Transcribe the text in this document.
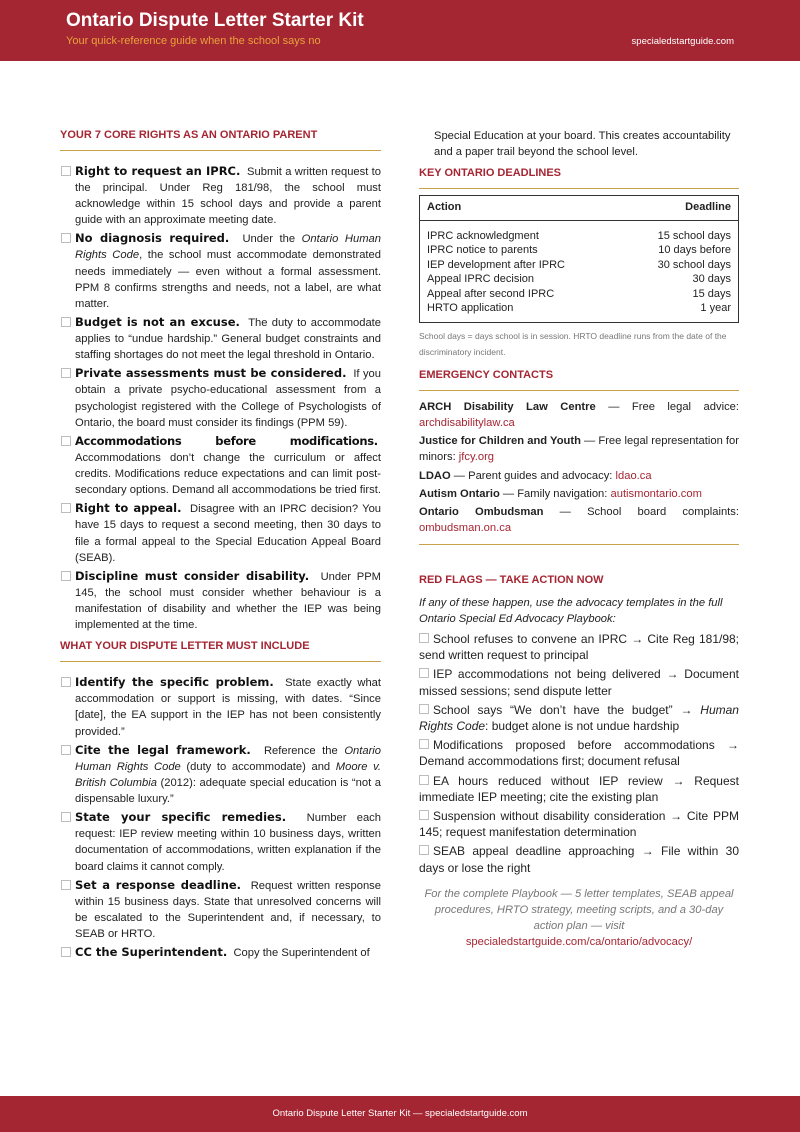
Ontario Dispute Letter Starter Kit
Your quick-reference guide when the school says no	specialedstartguide.com
YOUR 7 CORE RIGHTS AS AN ONTARIO PARENT
Right to request an IPRC. Submit a written request to the principal. Under Reg 181/98, the school must acknowledge within 15 school days and provide a parent guide with an approximate meeting date.
No diagnosis required. Under the Ontario Human Rights Code, the school must accommodate demonstrated needs immediately — even without a formal assessment. PPM 8 confirms strengths and needs, not a label, are what matter.
Budget is not an excuse. The duty to accommodate applies to “undue hardship.” General budget constraints and staffing shortages do not meet the legal threshold in Ontario.
Private assessments must be considered. If you obtain a private psycho-educational assessment from a psychologist registered with the College of Psychologists of Ontario, the board must consider its findings (PPM 59).
Accommodations before modifications.  Accommodations don’t change the curriculum or affect credits. Modifications reduce expectations and can limit post-secondary options. Demand all accommodations be tried first.
Right to appeal. Disagree with an IPRC decision? You have 15 days to request a second meeting, then 30 days to file a formal appeal to the Special Education Appeal Board (SEAB).
Discipline must consider disability. Under PPM 145, the school must consider whether behaviour is a manifestation of disability and whether the IEP was being implemented at the time.
WHAT YOUR DISPUTE LETTER MUST INCLUDE
Identify the specific problem. State exactly what accommodation or support is missing, with dates. “Since [date], the EA support in the IEP has not been consistently provided.”
Cite the legal framework. Reference the Ontario Human Rights Code (duty to accommodate) and Moore v. British Columbia (2012): adequate special education is “not a dispensable luxury.”
State your specific remedies. Number each request: IEP review meeting within 10 business days, written documentation of accommodations, written explanation if the board claims it cannot comply.
Set a response deadline. Request written response within 15 business days. State that unresolved concerns will be escalated to the Superintendent and, if necessary, to SEAB or HRTO.
CC the Superintendent. Copy the Superintendent of
Special Education at your board. This creates accountability and a paper trail beyond the school level.
KEY ONTARIO DEADLINES
Action	Deadline
IPRC acknowledgment	15 school days
IPRC notice to parents	10 days before
IEP development after IPRC	30 school days
Appeal IPRC decision	30 days
Appeal after second IPRC	15 days
HRTO application	1 year
School days = days school is in session. HRTO deadline runs from the date of the discriminatory incident.
EMERGENCY CONTACTS

ARCH Disability Law Centre — Free legal advice: archdisabilitylaw.ca

Justice for Children and Youth — Free legal representation for minors: jfcy.org

LDAO — Parent guides and advocacy: ldao.ca

Autism Ontario — Family navigation: autismontario.com

Ontario Ombudsman — School board complaints: ombudsman.on.ca

RED FLAGS — TAKE ACTION NOW

If any of these happen, use the advocacy templates in the full Ontario Special Ed Advocacy Playbook:

School refuses to convene an IPRC → Cite Reg 181/98; send written request to principal
IEP accommodations not being delivered → Document missed sessions; send dispute letter
School says “We don’t have the budget” → Human Rights Code: budget alone is not undue hardship
Modifications proposed before accommodations → Demand accommodations first; document refusal
EA hours reduced without IEP review → Request immediate IEP meeting; cite the existing plan
Suspension without disability consideration → Cite PPM 145; request manifestation determination
SEAB appeal deadline approaching → File within 30 days or lose the right

For the complete Playbook — 5 letter templates, SEAB appeal procedures, HRTO strategy, meeting scripts, and a 30-day action plan — visit specialedstartguide.com/ca/ontario/advocacy/

Ontario Dispute Letter Starter Kit — specialedstartguide.com
